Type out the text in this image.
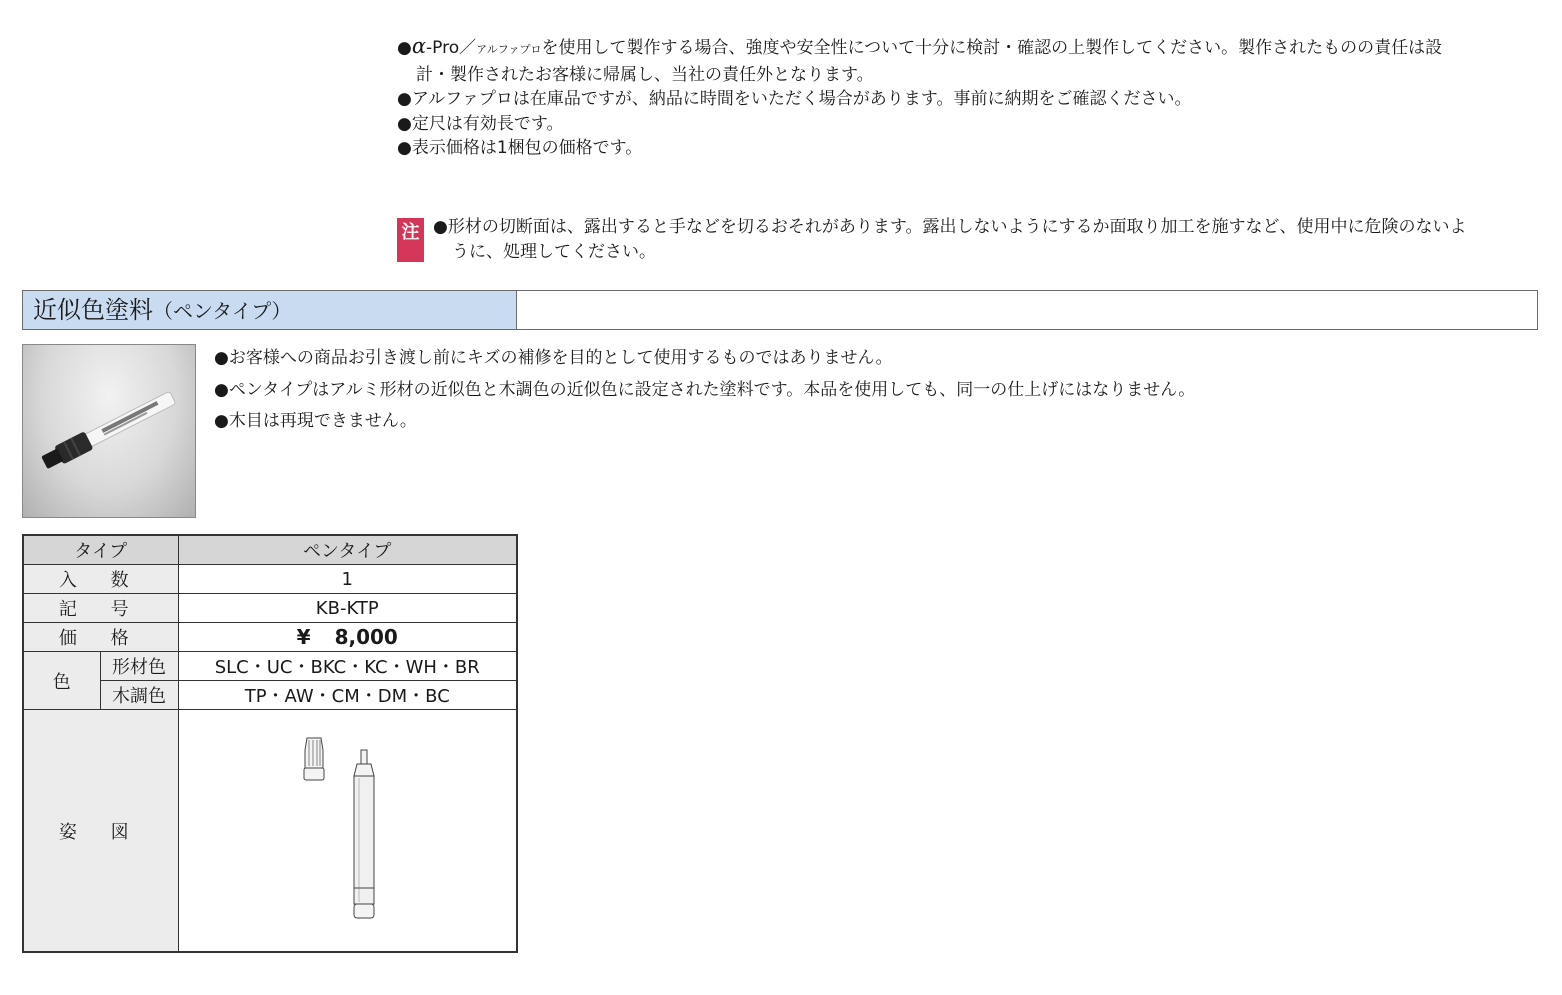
●α-Pro／アルファプロを使用して製作する場合、強度や安全性について十分に検討・確認の上製作してください。製作されたものの責任は設
計・製作されたお客様に帰属し、当社の責任外となります。
●アルファプロは在庫品ですが、納品に時間をいただく場合があります。事前に納期をご確認ください。
●定尺は有効長です。
●表示価格は1梱包の価格です。
注 ●形材の切断面は、露出すると手などを切るおそれがあります。露出しないようにするか面取り加工を施すなど、使用中に危険のないよ
うに、処理してください。
近似色塗料（ペンタイプ）
●お客様への商品お引き渡し前にキズの補修を目的として使用するものではありません。
●ペンタイプはアルミ形材の近似色と木調色の近似色に設定された塗料です。本品を使用しても、同一の仕上げにはなりません。
●木目は再現できません。
タイプ		ペンタイプ
入 数		1
記 号		KB-KTP
価 格		¥ 8,000
色	形材色	SLC・UC・BKC・KC・WH・BR
	木調色	TP・AW・CM・DM・BC
姿 図	
